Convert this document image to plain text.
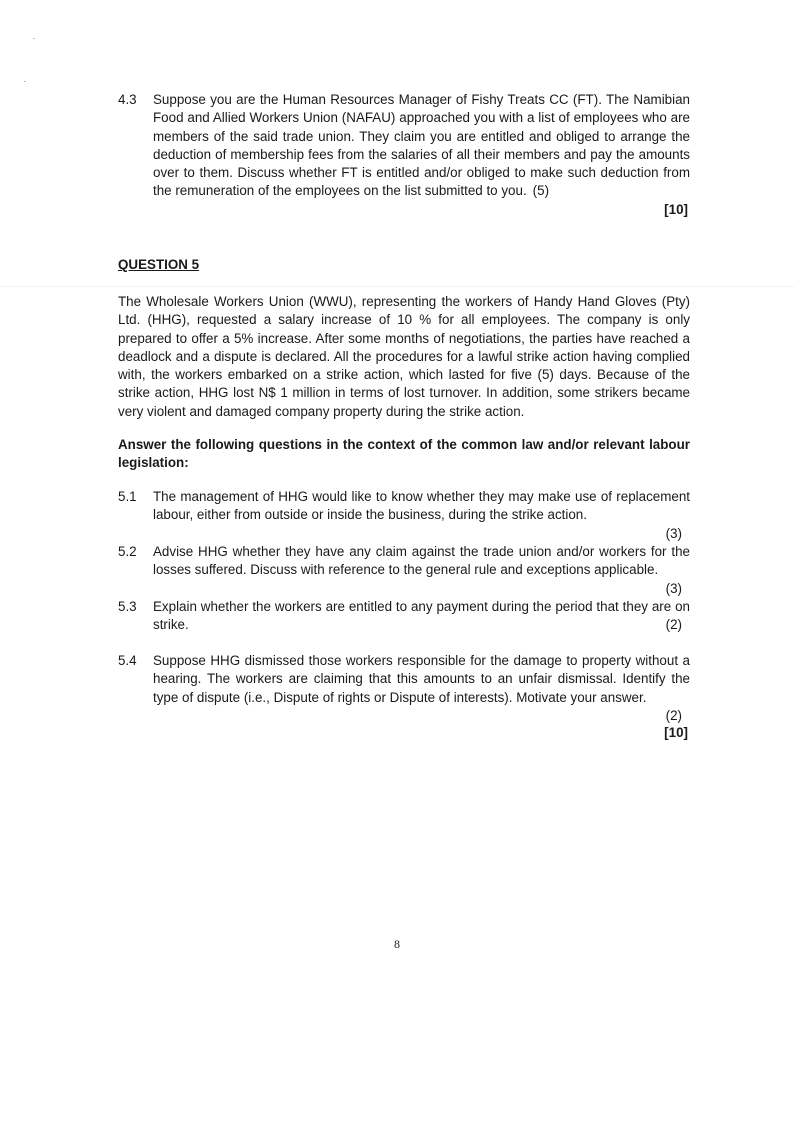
4.3	Suppose you are the Human Resources Manager of Fishy Treats CC (FT). The Namibian Food and Allied Workers Union (NAFAU) approached you with a list of employees who are members of the said trade union. They claim you are entitled and obliged to arrange the deduction of membership fees from the salaries of all their members and pay the amounts over to them. Discuss whether FT is entitled and/or obliged to make such deduction from the remuneration of the employees on the list submitted to you. (5)
[10]
QUESTION 5
The Wholesale Workers Union (WWU), representing the workers of Handy Hand Gloves (Pty) Ltd. (HHG), requested a salary increase of 10 % for all employees. The company is only prepared to offer a 5% increase. After some months of negotiations, the parties have reached a deadlock and a dispute is declared. All the procedures for a lawful strike action having complied with, the workers embarked on a strike action, which lasted for five (5) days. Because of the strike action, HHG lost N$ 1 million in terms of lost turnover. In addition, some strikers became very violent and damaged company property during the strike action.
Answer the following questions in the context of the common law and/or relevant labour legislation:
5.1	The management of HHG would like to know whether they may make use of replacement labour, either from outside or inside the business, during the strike action.
(3)
5.2	Advise HHG whether they have any claim against the trade union and/or workers for the losses suffered. Discuss with reference to the general rule and exceptions applicable.
(3)
5.3	Explain whether the workers are entitled to any payment during the period that they are on strike.	(2)
5.4	Suppose HHG dismissed those workers responsible for the damage to property without a hearing. The workers are claiming that this amounts to an unfair dismissal. Identify the type of dispute (i.e., Dispute of rights or Dispute of interests). Motivate your answer.
(2)
[10]
8
